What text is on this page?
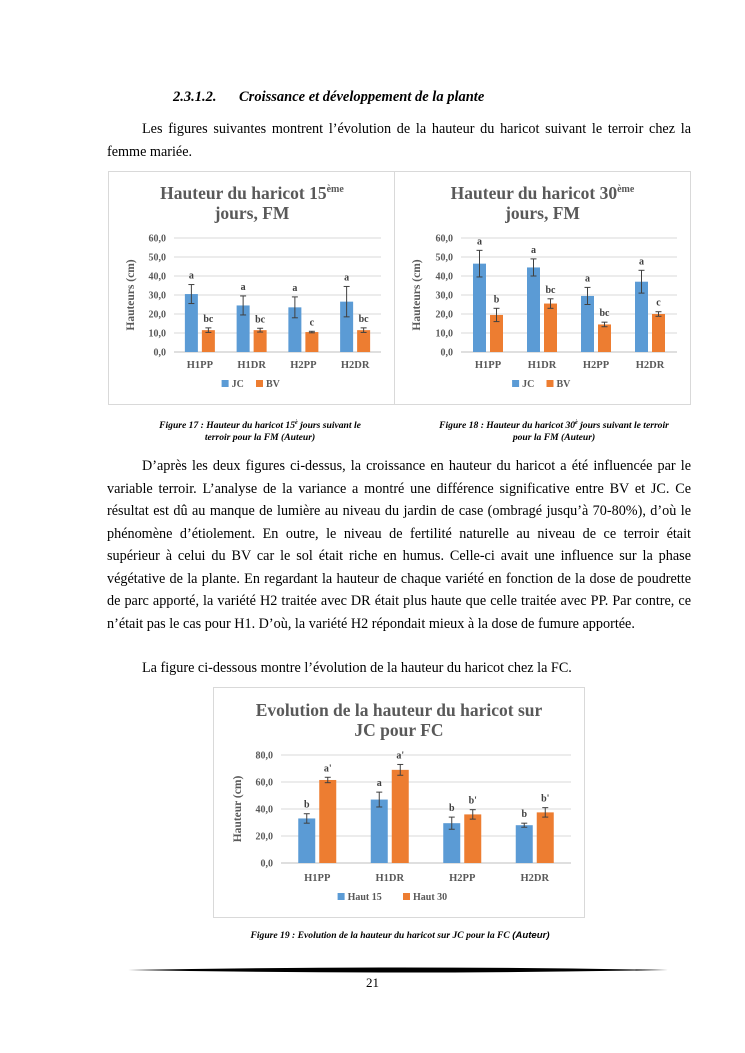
2.3.1.2. Croissance et développement de la plante
Les figures suivantes montrent l’évolution de la hauteur du haricot suivant le terroir chez la femme mariée.
Hauteur du haricot 15ème
jours, FM
0,0
10,0
20,0
30,0
40,0
50,0
60,0
Hauteurs (cm)
H1PP
a
bc
H1DR
a
bc
H2PP
a
c
H2DR
a
bc
JC BV
Hauteur du haricot 30ème
jours, FM
0,0
10,0
20,0
30,0
40,0
50,0
60,0
Hauteurs (cm)
H1PP
a
b
H1DR
a
bc
H2PP
a
bc
H2DR
a
c
JC BV
Figure 17 : Hauteur du haricot $15^è$ jours suivant le
terroir pour la FM (Auteur)
Figure 18 : Hauteur du haricot $30^è$ jours suivant le terroir
pour la FM (Auteur)
D’après les deux figures ci-dessus, la croissance en hauteur du haricot a été influencée par le variable terroir. L’analyse de la variance a montré une différence significative entre BV et JC. Ce résultat est dû au manque de lumière au niveau du jardin de case (ombragé jusqu’à 70-80%), d’où le phénomène d’étiolement. En outre, le niveau de fertilité naturelle au niveau de ce terroir était supérieur à celui du BV car le sol était riche en humus. Celle-ci avait une influence sur la phase végétative de la plante. En regardant la hauteur de chaque variété en fonction de la dose de poudrette de parc apporté, la variété H2 traitée avec DR était plus haute que celle traitée avec PP. Par contre, ce n’était pas le cas pour H1. D’où, la variété H2 répondait mieux à la dose de fumure apportée.
La figure ci-dessous montre l’évolution de la hauteur du haricot chez la FC.
Evolution de la hauteur du haricot sur
JC pour FC
0,0
20,0
40,0
60,0
80,0
Hauteur (cm)
H1PP
b
a'
H1DR
a
a'
H2PP
b
b'
H2DR
b
b'
Haut 15	Haut 30
Figure 19 : Evolution de la hauteur du haricot sur JC pour la FC (Auteur)
21
